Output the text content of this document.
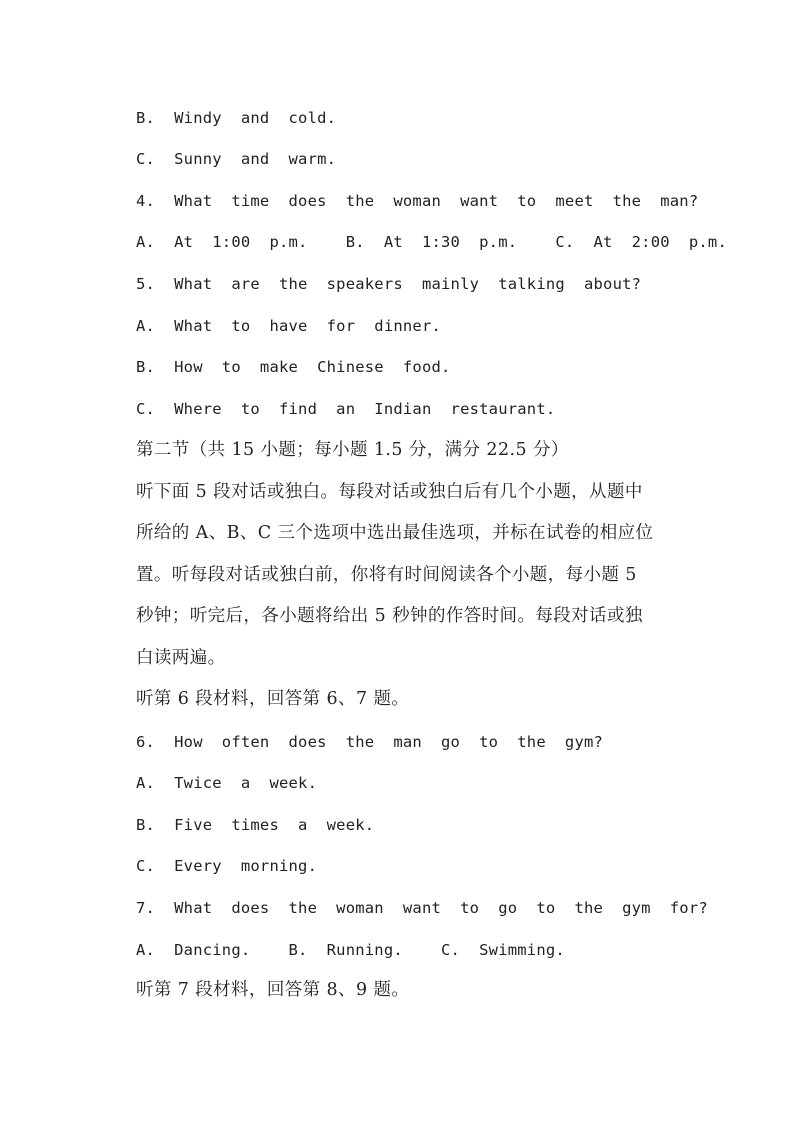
B.  Windy  and  cold.
C.  Sunny  and  warm.
4.  What  time  does  the  woman  want  to  meet  the  man?
A.  At  1:00  p.m.    B.  At  1:30  p.m.    C.  At  2:00  p.m.
5.  What  are  the  speakers  mainly  talking  about?
A.  What  to  have  for  dinner.
B.  How  to  make  Chinese  food.
C.  Where  to  find  an  Indian  restaurant.
第二节（共 15 小题；每小题 1.5 分，满分 22.5 分）
听下面 5 段对话或独白。每段对话或独白后有几个小题，从题中
所给的 A、B、C 三个选项中选出最佳选项，并标在试卷的相应位
置。听每段对话或独白前，你将有时间阅读各个小题，每小题 5
秒钟；听完后，各小题将给出 5 秒钟的作答时间。每段对话或独
白读两遍。
听第 6 段材料，回答第 6、7 题。
6.  How  often  does  the  man  go  to  the  gym?
A.  Twice  a  week.
B.  Five  times  a  week.
C.  Every  morning.
7.  What  does  the  woman  want  to  go  to  the  gym  for?
A.  Dancing.    B.  Running.    C.  Swimming.
听第 7 段材料，回答第 8、9 题。
